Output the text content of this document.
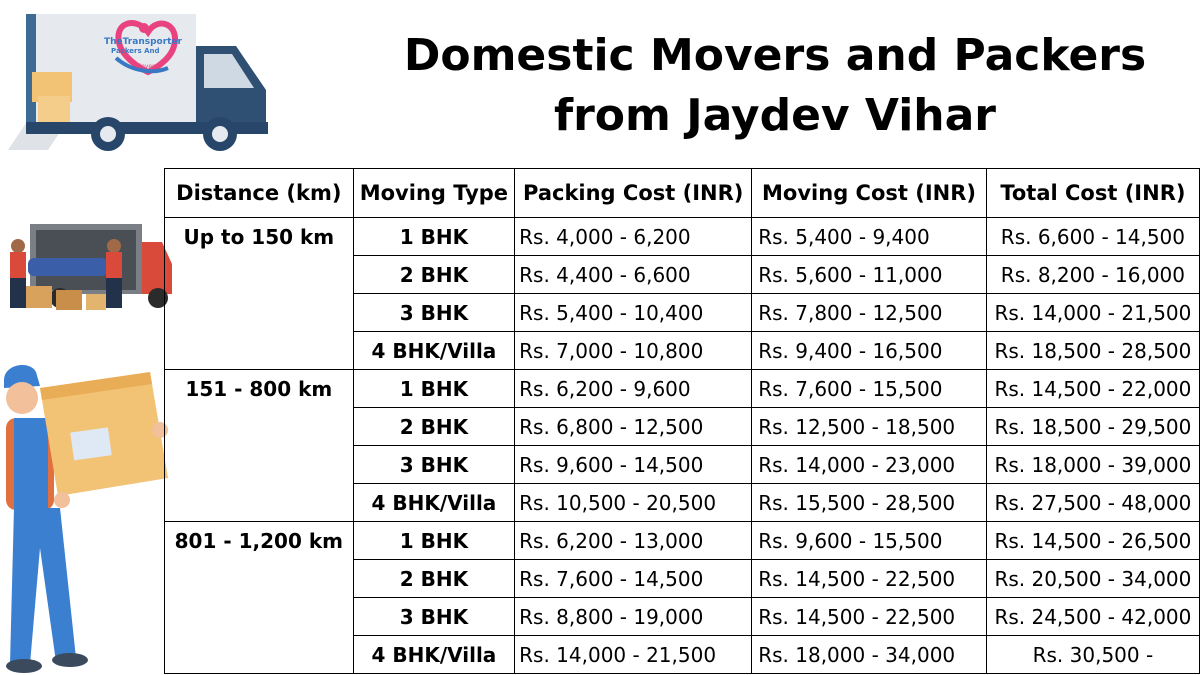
Domestic Movers and Packers
from Jaydev Vihar
TheTransporter
Packers And
Movers
Distance (km)	Moving Type	Packing Cost (INR)	Moving Cost (INR)	Total Cost (INR)
Up to 150 km	1 BHK	Rs. 4,000 - 6,200	Rs. 5,400 - 9,400	Rs. 6,600 - 14,500
	2 BHK	Rs. 4,400 - 6,600	Rs. 5,600 - 11,000	Rs. 8,200 - 16,000
	3 BHK	Rs. 5,400 - 10,400	Rs. 7,800 - 12,500	Rs. 14,000 - 21,500
	4 BHK/Villa	Rs. 7,000 - 10,800	Rs. 9,400 - 16,500	Rs. 18,500 - 28,500
151 - 800 km	1 BHK	Rs. 6,200 - 9,600	Rs. 7,600 - 15,500	Rs. 14,500 - 22,000
	2 BHK	Rs. 6,800 - 12,500	Rs. 12,500 - 18,500	Rs. 18,500 - 29,500
	3 BHK	Rs. 9,600 - 14,500	Rs. 14,000 - 23,000	Rs. 18,000 - 39,000
	4 BHK/Villa	Rs. 10,500 - 20,500	Rs. 15,500 - 28,500	Rs. 27,500 - 48,000
801 - 1,200 km	1 BHK	Rs. 6,200 - 13,000	Rs. 9,600 - 15,500	Rs. 14,500 - 26,500
	2 BHK	Rs. 7,600 - 14,500	Rs. 14,500 - 22,500	Rs. 20,500 - 34,000
	3 BHK	Rs. 8,800 - 19,000	Rs. 14,500 - 22,500	Rs. 24,500 - 42,000
	4 BHK/Villa	Rs. 14,000 - 21,500	Rs. 18,000 - 34,000	Rs. 30,500 -
